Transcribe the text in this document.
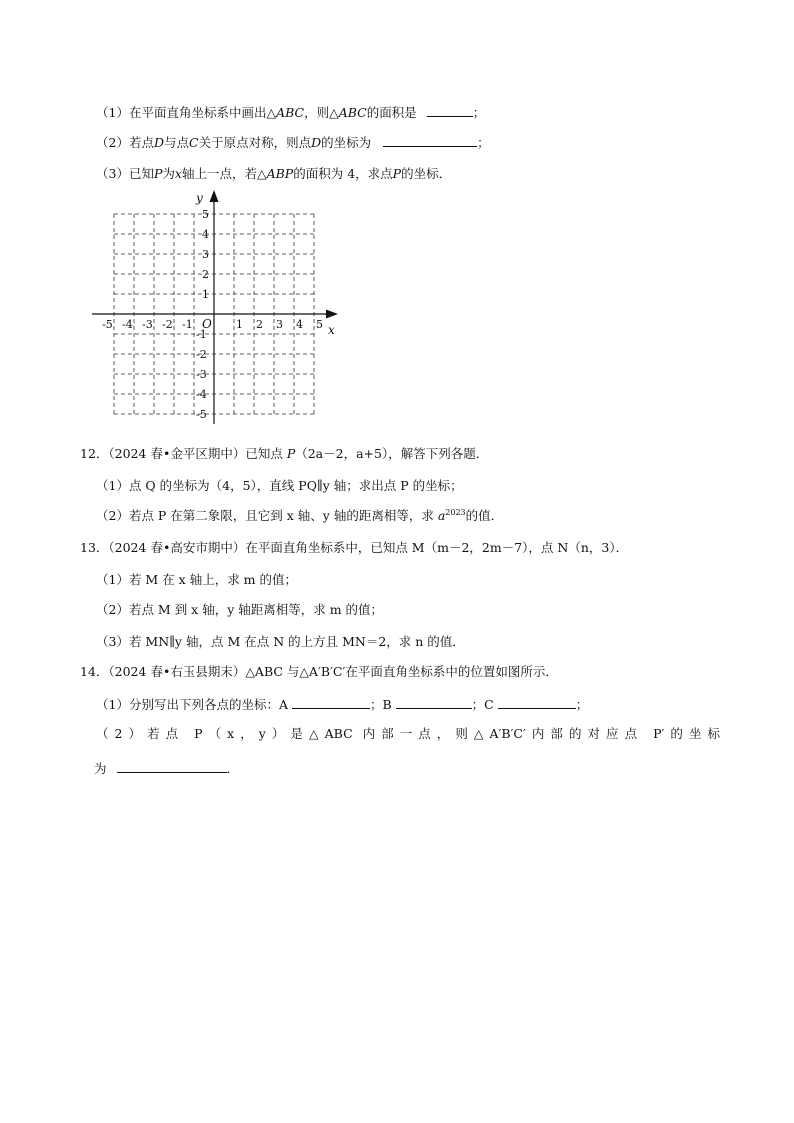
（1）在平面直角坐标系中画出△ABC，则△ABC的面积是	；
（2）若点D与点C关于原点对称，则点D的坐标为	；
（3）已知P为x轴上一点，若△ABP的面积为 4，求点P的坐标．
y
x
O
-5 -4 -3 -2 -1	1 2 3 4 5
5
4
3
2
1
-1
-2
-3
-4
-5
12．（2024 春•金平区期中）已知点 P（2a－2，a+5），解答下列各题．
（1）点 Q 的坐标为（4，5），直线 PQ∥y 轴；求出点 P 的坐标；
（2）若点 P 在第二象限，且它到 x 轴、y 轴的距离相等，求 $a^{2023}$的值．
13．（2024 春•高安市期中）在平面直角坐标系中，已知点 M（m－2，2m－7），点 N（n，3）．
（1）若 M 在 x 轴上，求 m 的值；
（2）若点 M 到 x 轴，y 轴距离相等，求 m 的值；
（3）若 MN∥y 轴，点 M 在点 N 的上方且 MN＝2，求 n 的值．
14．（2024 春•右玉县期末）△ABC 与△A′B′C′在平面直角坐标系中的位置如图所示．
（1）分别写出下列各点的坐标：A	；B	；C	；
（2）若点 P（x，y）是△ABC 内部一点，则△A′B′C′内部的对应点 P′的坐标
为	．
